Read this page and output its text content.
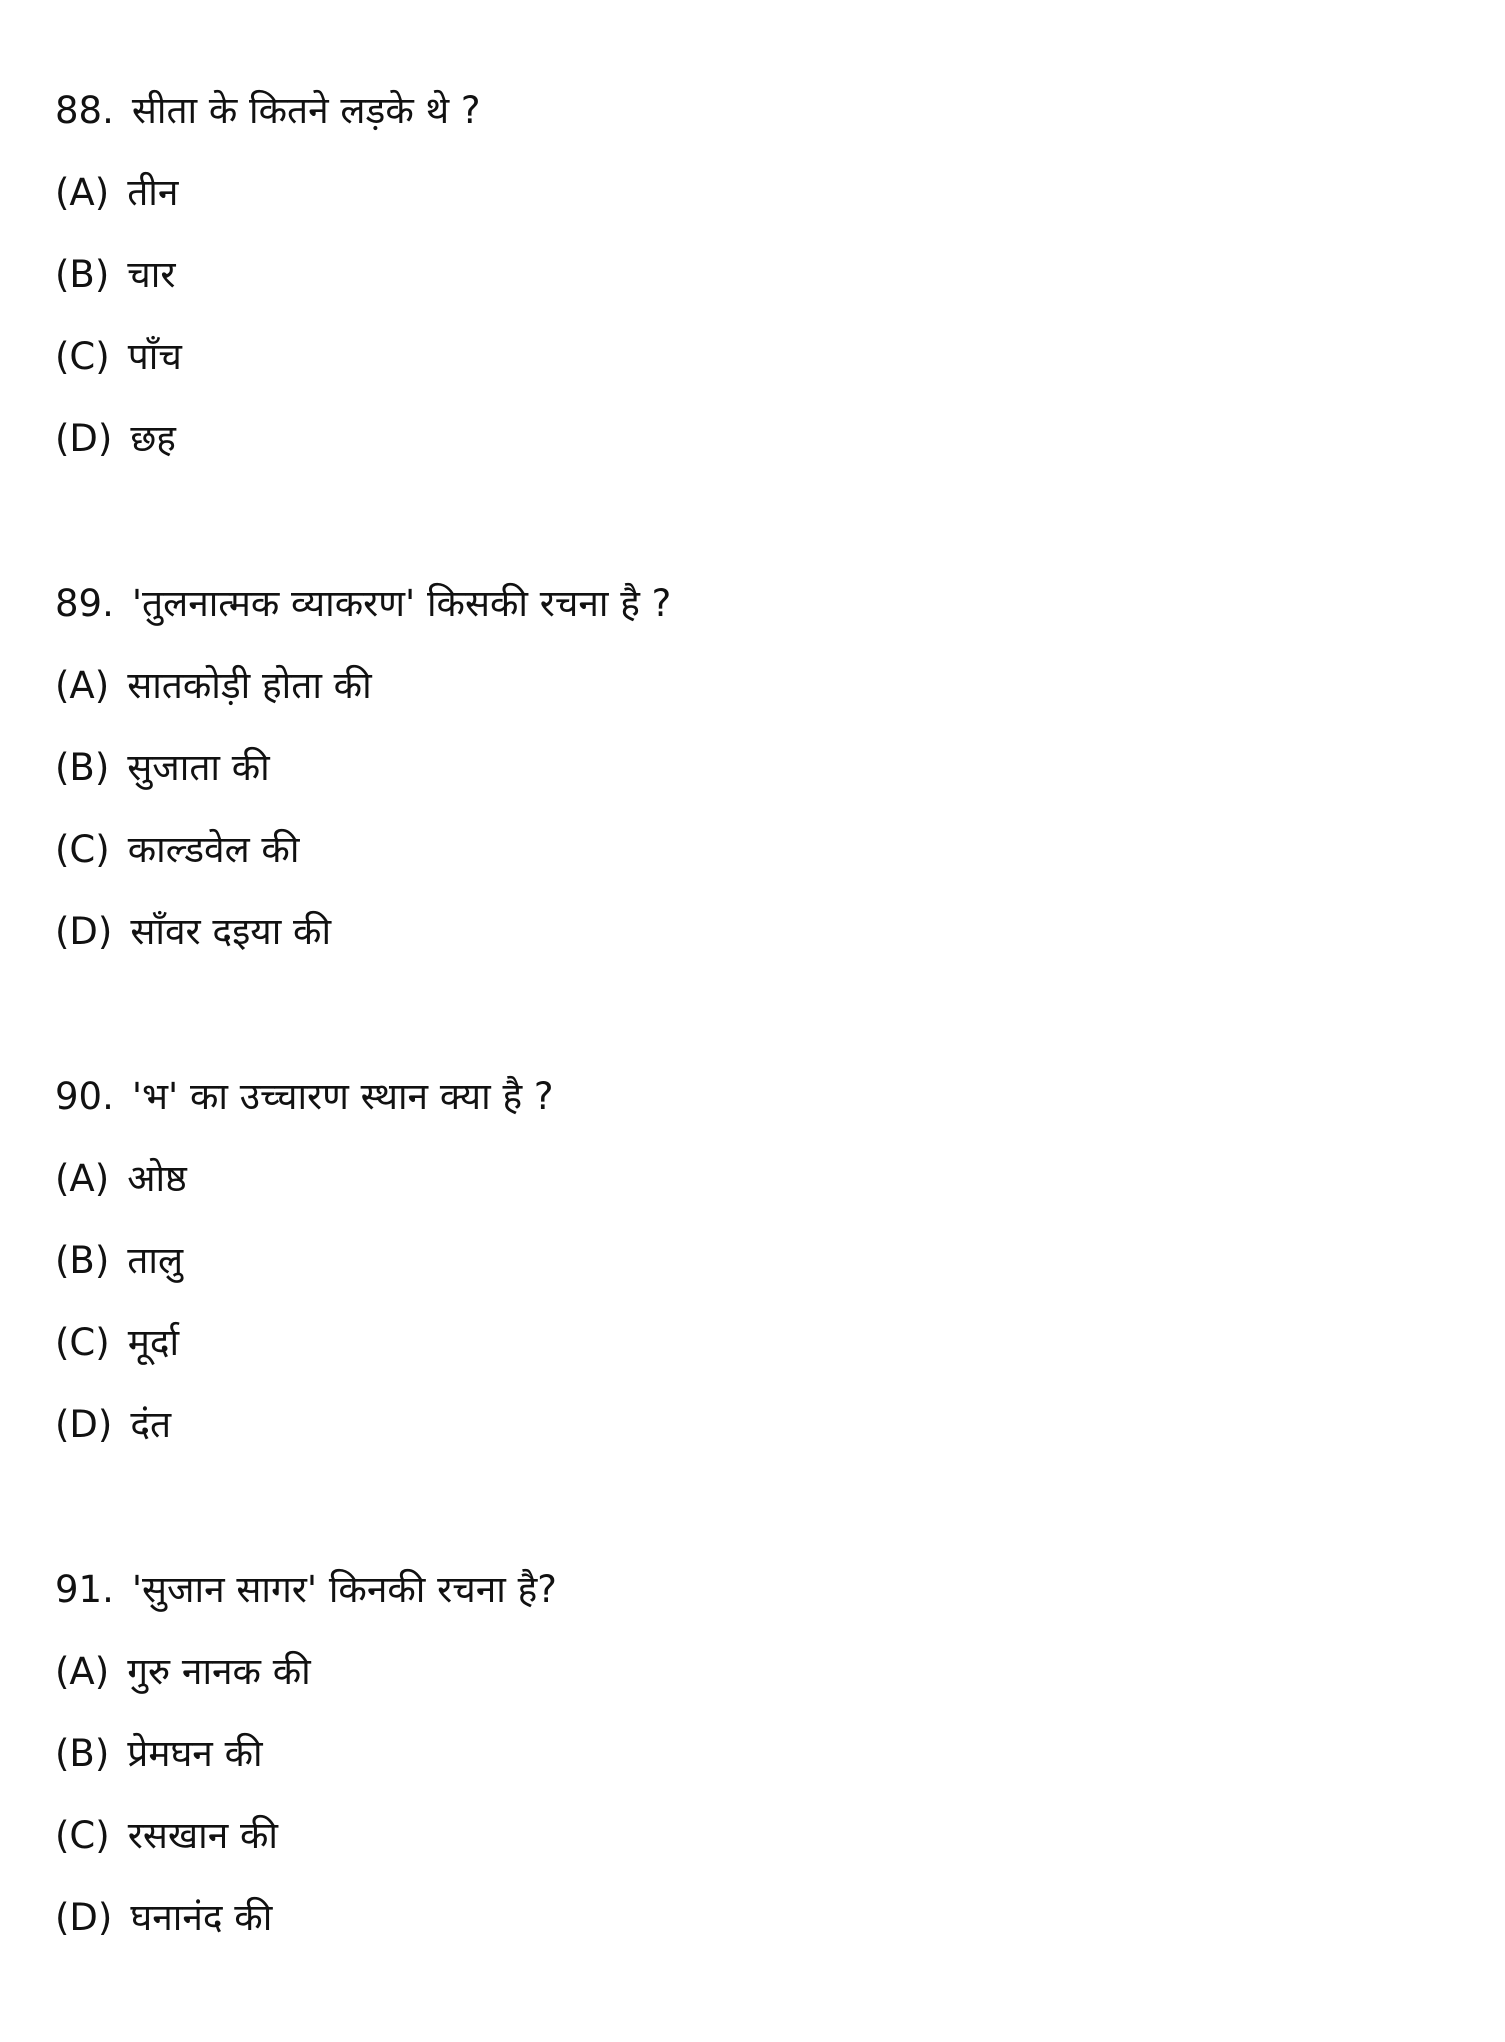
88. सीता के कितने लड़के थे ?
(A) तीन
(B) चार
(C) पाँच
(D) छह
89. 'तुलनात्मक व्याकरण' किसकी रचना है ?
(A) सातकोड़ी होता की
(B) सुजाता की
(C) काल्डवेल की
(D) साँवर दइया की
90. 'भ' का उच्चारण स्थान क्या है ?
(A) ओष्ठ
(B) तालु
(C) मूर्दा
(D) दंत
91. 'सुजान सागर' किनकी रचना है?
(A) गुरु नानक की
(B) प्रेमघन की
(C) रसखान की
(D) घनानंद की
